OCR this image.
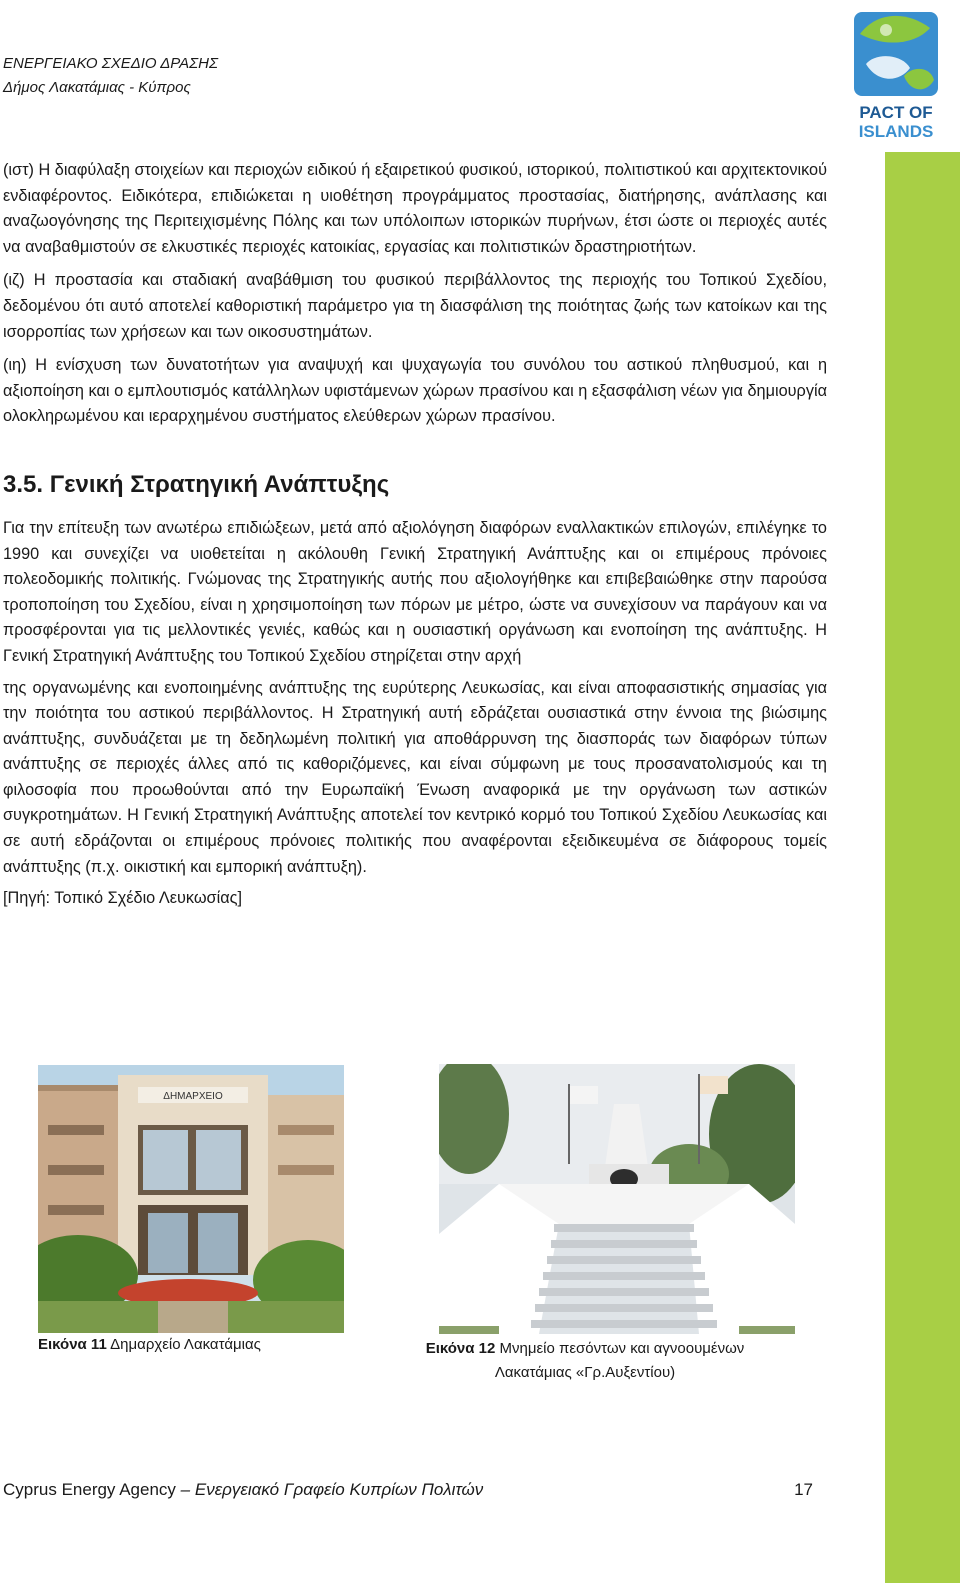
ΕΝΕΡΓΕΙΑΚΟ ΣΧΕΔΙΟ ΔΡΑΣΗΣ
Δήμος Λακατάμιας - Κύπρος
PACT OF
ISLANDS

(ιστ) Η διαφύλαξη στοιχείων και περιοχών ειδικού ή εξαιρετικού φυσικού, ιστορικού, πολιτιστικού και αρχιτεκτονικού ενδιαφέροντος. Ειδικότερα, επιδιώκεται η υιοθέτηση προγράμματος προστασίας, διατήρησης, ανάπλασης και αναζωογόνησης της Περιτειχισμένης Πόλης και των υπόλοιπων ιστορικών πυρήνων, έτσι ώστε οι περιοχές αυτές να αναβαθμιστούν σε ελκυστικές περιοχές κατοικίας, εργασίας και πολιτιστικών δραστηριοτήτων.

(ιζ) Η προστασία και σταδιακή αναβάθμιση του φυσικού περιβάλλοντος της περιοχής του Τοπικού Σχεδίου, δεδομένου ότι αυτό αποτελεί καθοριστική παράμετρο για τη διασφάλιση της ποιότητας ζωής των κατοίκων και της ισορροπίας των χρήσεων και των οικοσυστημάτων.

(ιη) Η ενίσχυση των δυνατοτήτων για αναψυχή και ψυχαγωγία του συνόλου του αστικού πληθυσμού, και η αξιοποίηση και ο εμπλουτισμός κατάλληλων υφιστάμενων χώρων πρασίνου και η εξασφάλιση νέων για δημιουργία ολοκληρωμένου και ιεραρχημένου συστήματος ελεύθερων χώρων πρασίνου.

3.5. Γενική Στρατηγική Ανάπτυξης

Για την επίτευξη των ανωτέρω επιδιώξεων, μετά από αξιολόγηση διαφόρων εναλλακτικών επιλογών, επιλέγηκε το 1990 και συνεχίζει να υιοθετείται η ακόλουθη Γενική Στρατηγική Ανάπτυξης και οι επιμέρους πρόνοιες πολεοδομικής πολιτικής. Γνώμονας της Στρατηγικής αυτής που αξιολογήθηκε και επιβεβαιώθηκε στην παρούσα τροποποίηση του Σχεδίου, είναι η χρησιμοποίηση των πόρων με μέτρο, ώστε να συνεχίσουν να παράγουν και να προσφέρονται για τις μελλοντικές γενιές, καθώς και η ουσιαστική οργάνωση και ενοποίηση της ανάπτυξης. Η Γενική Στρατηγική Ανάπτυξης του Τοπικού Σχεδίου στηρίζεται στην αρχή

της οργανωμένης και ενοποιημένης ανάπτυξης της ευρύτερης Λευκωσίας, και είναι αποφασιστικής σημασίας για την ποιότητα του αστικού περιβάλλοντος. Η Στρατηγική αυτή εδράζεται ουσιαστικά στην έννοια της βιώσιμης ανάπτυξης, συνδυάζεται με τη δεδηλωμένη πολιτική για αποθάρρυνση της διασποράς των διαφόρων τύπων ανάπτυξης σε περιοχές άλλες από τις καθοριζόμενες, και είναι σύμφωνη με τους προσανατολισμούς και τη φιλοσοφία που προωθούνται από την Ευρωπαϊκή Ένωση αναφορικά με την οργάνωση των αστικών συγκροτημάτων. Η Γενική Στρατηγική Ανάπτυξης αποτελεί τον κεντρικό κορμό του Τοπικού Σχεδίου Λευκωσίας και σε αυτή εδράζονται οι επιμέρους πρόνοιες πολιτικής που αναφέρονται εξειδικευμένα σε διάφορους τομείς ανάπτυξης (π.χ. οικιστική και εμπορική ανάπτυξη).

[Πηγή: Τοπικό Σχέδιο Λευκωσίας]

ΔΗΜΑΡΧΕΙΟ
Εικόνα 11 Δημαρχείο Λακατάμιας	Εικόνα 12 Μνημείο πεσόντων και αγνοουμένων
Λακατάμιας «Γρ.Αυξεντίου)
Cyprus Energy Agency – Ενεργειακό Γραφείο Κυπρίων Πολιτών	17
